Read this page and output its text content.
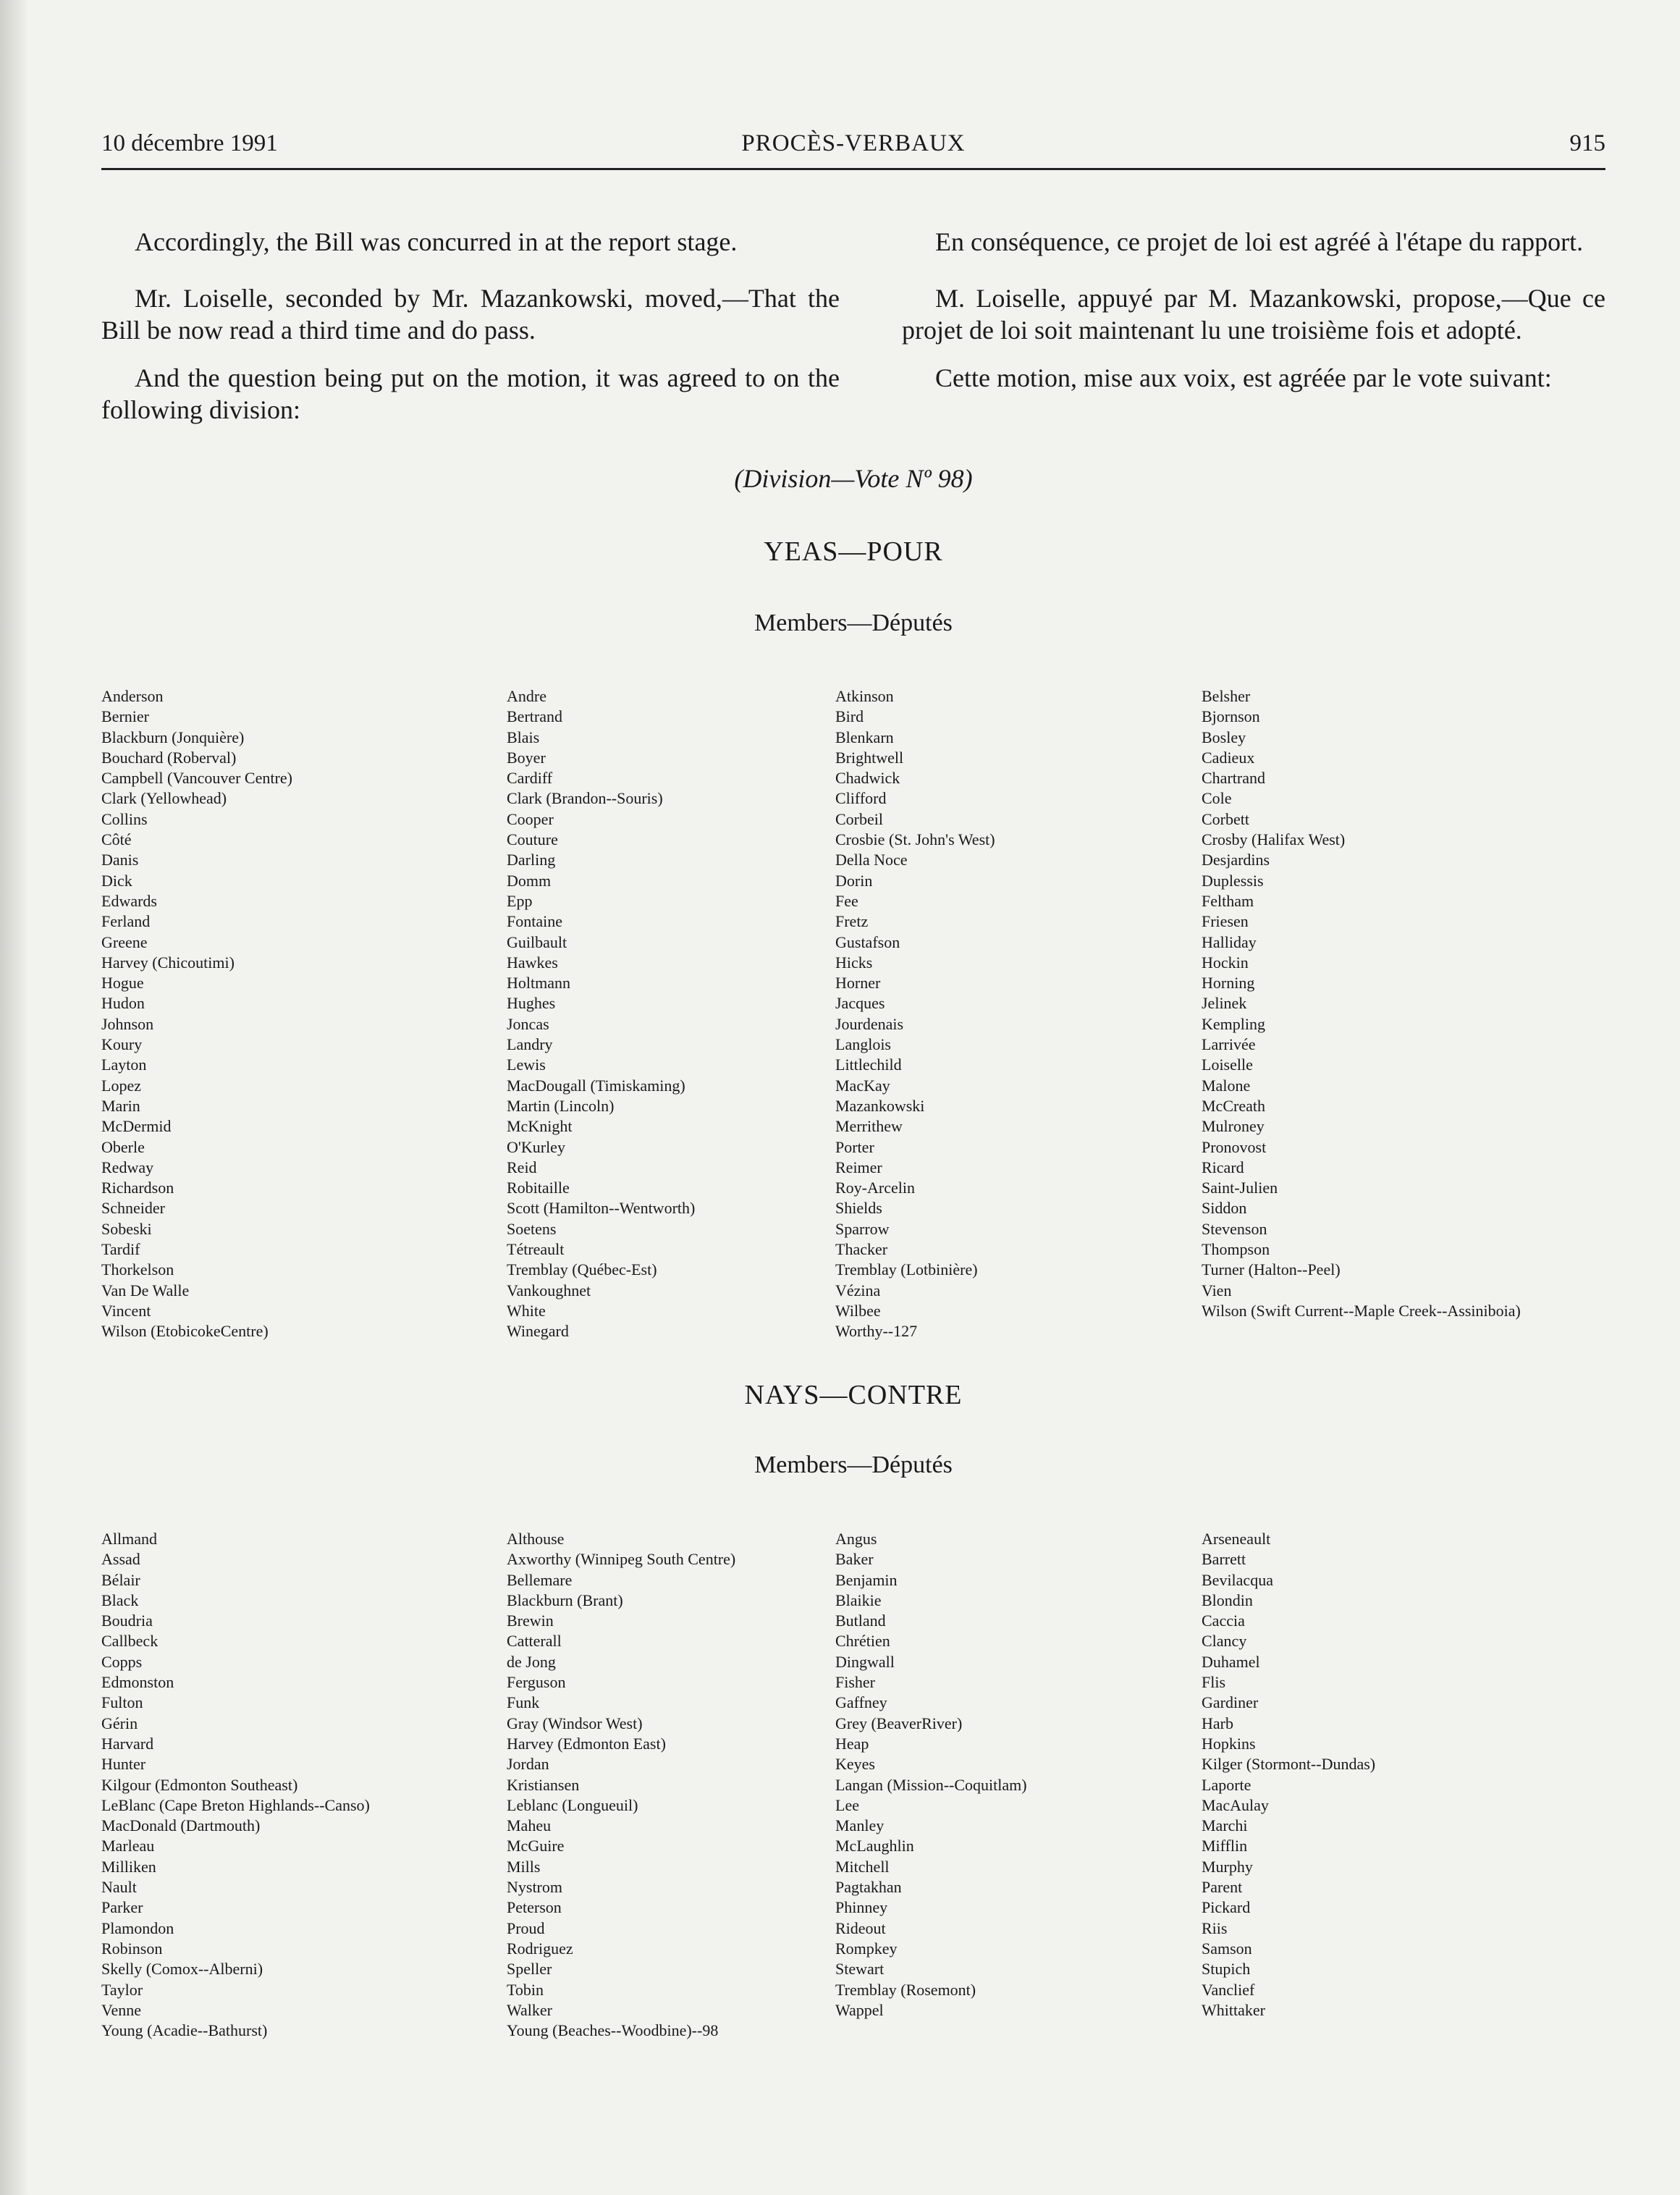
10 décembre 1991	PROCÈS-VERBAUX	915
Accordingly, the Bill was concurred in at the report stage.	En conséquence, ce projet de loi est agréé à l'étape du rapport.
Mr. Loiselle, seconded by Mr. Mazankowski, moved,—That the Bill be now read a third time and do pass.
M. Loiselle, appuyé par M. Mazankowski, propose,—Que ce projet de loi soit maintenant lu une troisième fois et adopté.
And the question being put on the motion, it was agreed to on the following division:
Cette motion, mise aux voix, est agréée par le vote suivant:
(Division—Vote Nº 98)
YEAS—POUR
Members—Députés
Anderson
Bernier
Blackburn (Jonquière)
Bouchard (Roberval)
Campbell (Vancouver Centre)
Clark (Yellowhead)
Collins
Côté
Danis
Dick
Edwards
Ferland
Greene
Harvey (Chicoutimi)
Hogue
Hudon
Johnson
Koury
Layton
Lopez
Marin
McDermid
Oberle
Redway
Richardson
Schneider
Sobeski
Tardif
Thorkelson
Van De Walle
Vincent
Wilson (EtobicokeCentre)
Andre
Bertrand
Blais
Boyer
Cardiff
Clark (Brandon--Souris)
Cooper
Couture
Darling
Domm
Epp
Fontaine
Guilbault
Hawkes
Holtmann
Hughes
Joncas
Landry
Lewis
MacDougall (Timiskaming)
Martin (Lincoln)
McKnight
O'Kurley
Reid
Robitaille
Scott (Hamilton--Wentworth)
Soetens
Tétreault
Tremblay (Québec-Est)
Vankoughnet
White
Winegard
Atkinson
Bird
Blenkarn
Brightwell
Chadwick
Clifford
Corbeil
Crosbie (St. John's West)
Della Noce
Dorin
Fee
Fretz
Gustafson
Hicks
Horner
Jacques
Jourdenais
Langlois
Littlechild
MacKay
Mazankowski
Merrithew
Porter
Reimer
Roy-Arcelin
Shields
Sparrow
Thacker
Tremblay (Lotbinière)
Vézina
Wilbee
Worthy--127
Belsher
Bjornson
Bosley
Cadieux
Chartrand
Cole
Corbett
Crosby (Halifax West)
Desjardins
Duplessis
Feltham
Friesen
Halliday
Hockin
Horning
Jelinek
Kempling
Larrivée
Loiselle
Malone
McCreath
Mulroney
Pronovost
Ricard
Saint-Julien
Siddon
Stevenson
Thompson
Turner (Halton--Peel)
Vien
Wilson (Swift Current--Maple Creek--Assiniboia)
NAYS—CONTRE
Members—Députés
Allmand
Assad
Bélair
Black
Boudria
Callbeck
Copps
Edmonston
Fulton
Gérin
Harvard
Hunter
Kilgour (Edmonton Southeast)
LeBlanc (Cape Breton Highlands--Canso)
MacDonald (Dartmouth)
Marleau
Milliken
Nault
Parker
Plamondon
Robinson
Skelly (Comox--Alberni)
Taylor
Venne
Young (Acadie--Bathurst)
Althouse
Axworthy (Winnipeg South Centre)
Bellemare
Blackburn (Brant)
Brewin
Catterall
de Jong
Ferguson
Funk
Gray (Windsor West)
Harvey (Edmonton East)
Jordan
Kristiansen
Leblanc (Longueuil)
Maheu
McGuire
Mills
Nystrom
Peterson
Proud
Rodriguez
Speller
Tobin
Walker
Young (Beaches--Woodbine)--98
Angus
Baker
Benjamin
Blaikie
Butland
Chrétien
Dingwall
Fisher
Gaffney
Grey (BeaverRiver)
Heap
Keyes
Langan (Mission--Coquitlam)
Lee
Manley
McLaughlin
Mitchell
Pagtakhan
Phinney
Rideout
Rompkey
Stewart
Tremblay (Rosemont)
Wappel
Arseneault
Barrett
Bevilacqua
Blondin
Caccia
Clancy
Duhamel
Flis
Gardiner
Harb
Hopkins
Kilger (Stormont--Dundas)
Laporte
MacAulay
Marchi
Mifflin
Murphy
Parent
Pickard
Riis
Samson
Stupich
Vanclief
Whittaker
